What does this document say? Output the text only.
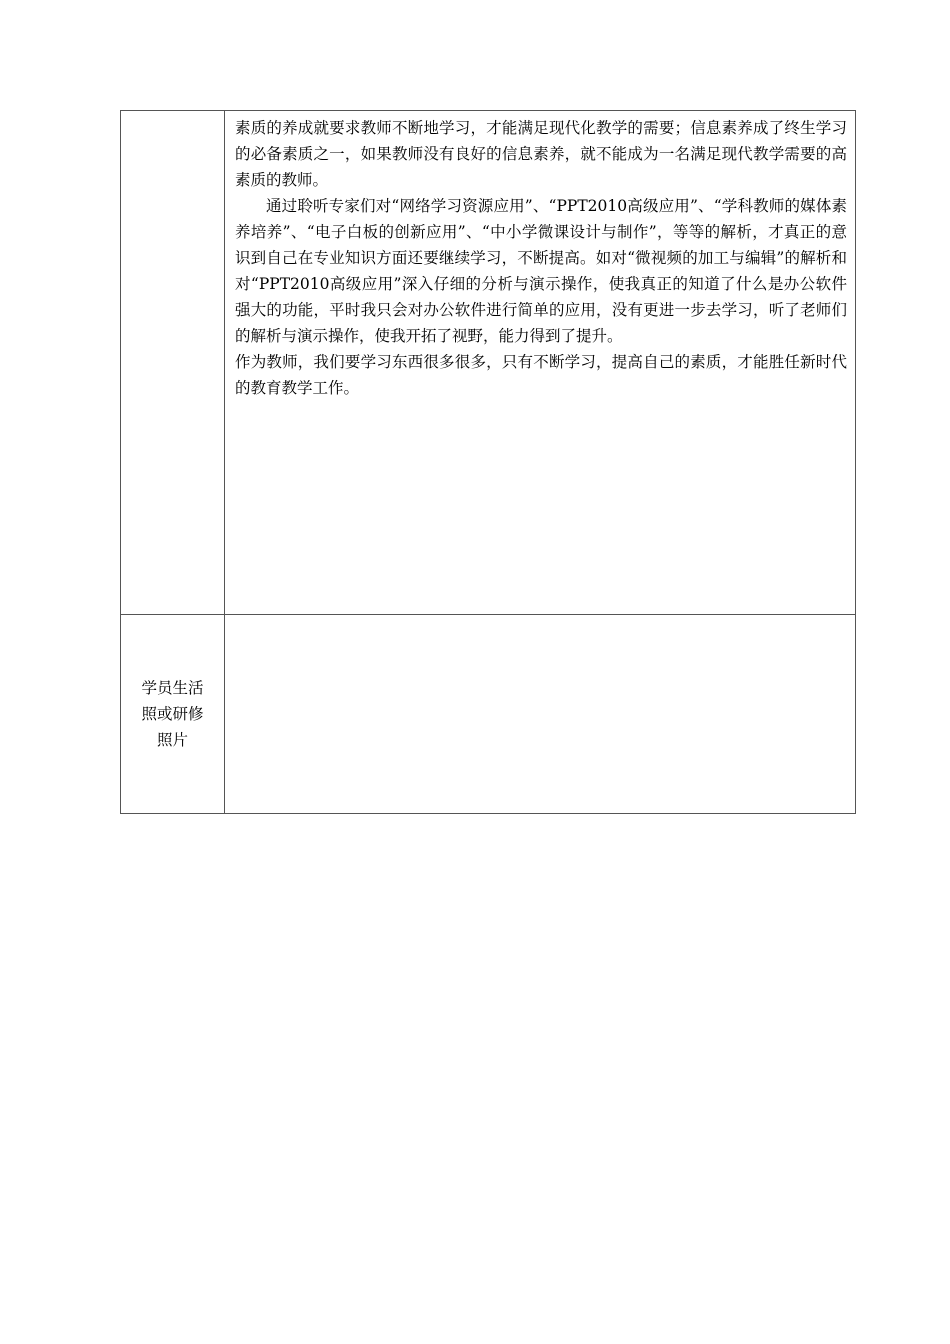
	素质的养成就要求教师不断地学习，才能满足现代化教学的需要；信息素养成了终生学习的必备素质之一，如果教师没有良好的信息素养，就不能成为一名满足现代教学需要的高素质的教师。

通过聆听专家们对“网络学习资源应用”、“PPT2010高级应用”、“学科教师的媒体素养培养”、“电子白板的创新应用”、“中小学微课设计与制作”，等等的解析，才真正的意识到自己在专业知识方面还要继续学习，不断提高。如对“微视频的加工与编辑”的解析和对“PPT2010高级应用”深入仔细的分析与演示操作，使我真正的知道了什么是办公软件强大的功能，平时我只会对办公软件进行简单的应用，没有更进一步去学习，听了老师们的解析与演示操作，使我开拓了视野，能力得到了提升。

作为教师，我们要学习东西很多很多，只有不断学习，提高自己的素质，才能胜任新时代的教育教学工作。

学员生活
照或研修
照片	
